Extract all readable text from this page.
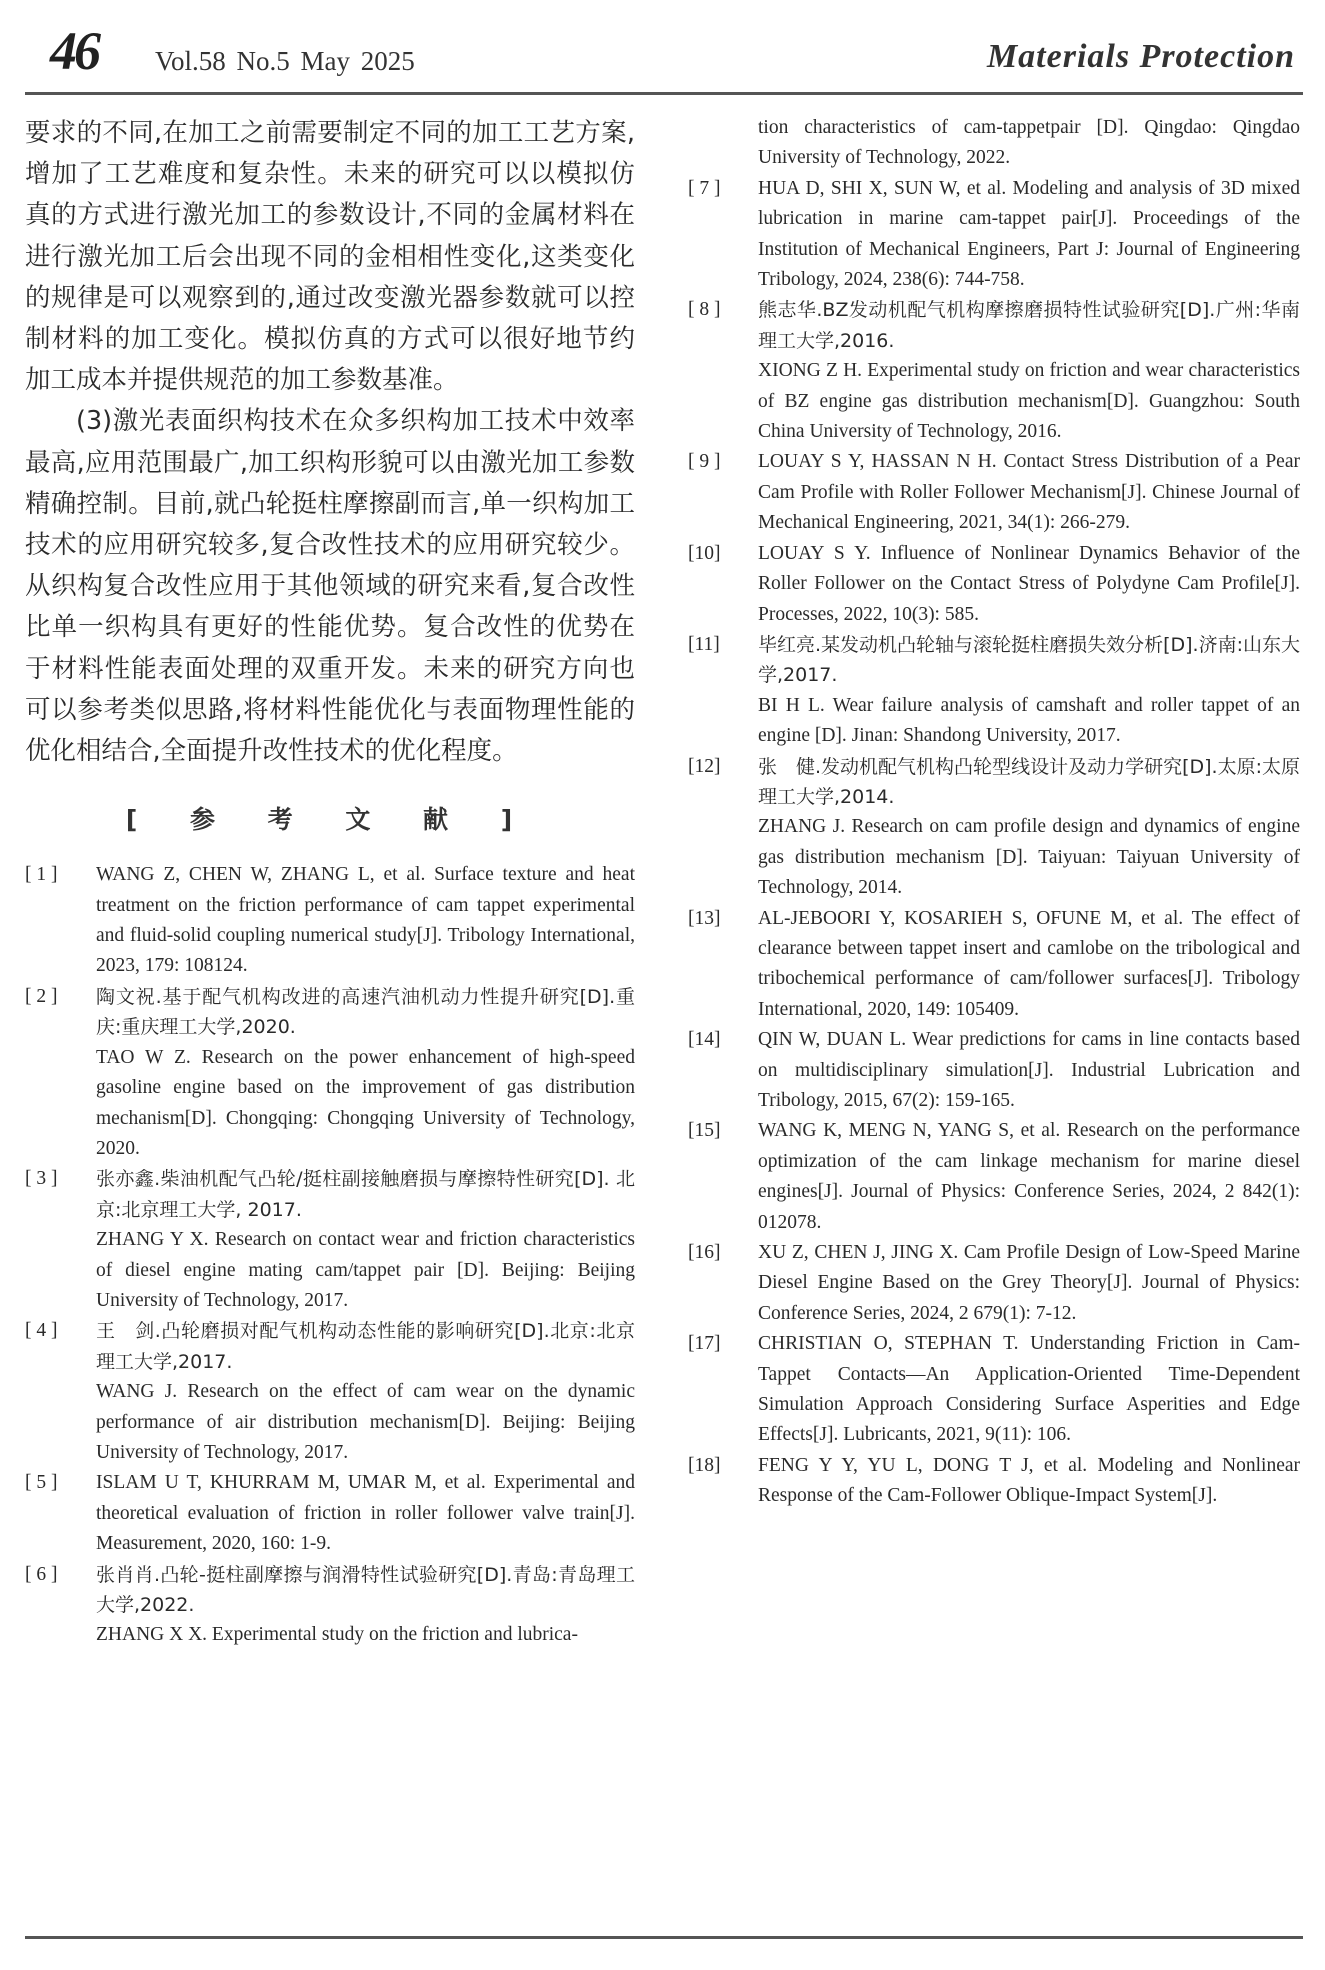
46 Vol.58 No.5 May 2025	Materials Protection

要求的不同,在加工之前需要制定不同的加工工艺方案,增加了工艺难度和复杂性。未来的研究可以以模拟仿真的方式进行激光加工的参数设计,不同的金属材料在进行激光加工后会出现不同的金相相性变化,这类变化的规律是可以观察到的,通过改变激光器参数就可以控制材料的加工变化。模拟仿真的方式可以很好地节约加工成本并提供规范的加工参数基准。

(3)激光表面织构技术在众多织构加工技术中效率最高,应用范围最广,加工织构形貌可以由激光加工参数精确控制。目前,就凸轮挺柱摩擦副而言,单一织构加工技术的应用研究较多,复合改性技术的应用研究较少。从织构复合改性应用于其他领域的研究来看,复合改性比单一织构具有更好的性能优势。复合改性的优势在于材料性能表面处理的双重开发。未来的研究方向也可以参考类似思路,将材料性能优化与表面物理性能的优化相结合,全面提升改性技术的优化程度。

[ 参 考 文 献 ]
[ 1 ]	WANG Z, CHEN W, ZHANG L, et al. Surface texture and heat treatment on the friction performance of cam tappet experimental and fluid-solid coupling numerical study[J]. Tribology International, 2023, 179: 108124.

[ 2 ]	陶文祝.基于配气机构改进的高速汽油机动力性提升研究[D].重庆:重庆理工大学,2020.

TAO W Z. Research on the power enhancement of high-speed gasoline engine based on the improvement of gas distribution mechanism[D]. Chongqing: Chongqing University of Technology, 2020.

[ 3 ]	张亦鑫.柴油机配气凸轮/挺柱副接触磨损与摩擦特性研究[D]. 北京:北京理工大学, 2017.

ZHANG Y X. Research on contact wear and friction characteristics of diesel engine mating cam/tappet pair [D]. Beijing: Beijing University of Technology, 2017.

[ 4 ]	王　剑.凸轮磨损对配气机构动态性能的影响研究[D].北京:北京理工大学,2017.

WANG J. Research on the effect of cam wear on the dynamic performance of air distribution mechanism[D]. Beijing: Beijing University of Technology, 2017.

[ 5 ]	ISLAM U T, KHURRAM M, UMAR M, et al. Experimental and theoretical evaluation of friction in roller follower valve train[J]. Measurement, 2020, 160: 1-9.

[ 6 ]	张肖肖.凸轮-挺柱副摩擦与润滑特性试验研究[D].青岛:青岛理工大学,2022.

ZHANG X X. Experimental study on the friction and lubrica-

tion characteristics of cam-tappetpair [D]. Qingdao: Qingdao University of Technology, 2022.

[ 7 ]	HUA D, SHI X, SUN W, et al. Modeling and analysis of 3D mixed lubrication in marine cam-tappet pair[J]. Proceedings of the Institution of Mechanical Engineers, Part J: Journal of Engineering Tribology, 2024, 238(6): 744-758.

[ 8 ]	熊志华.BZ发动机配气机构摩擦磨损特性试验研究[D].广州:华南理工大学,2016.

XIONG Z H. Experimental study on friction and wear characteristics of BZ engine gas distribution mechanism[D]. Guangzhou: South China University of Technology, 2016.

[ 9 ]	LOUAY S Y, HASSAN N H. Contact Stress Distribution of a Pear Cam Profile with Roller Follower Mechanism[J]. Chinese Journal of Mechanical Engineering, 2021, 34(1): 266-279.

[10]	LOUAY S Y. Influence of Nonlinear Dynamics Behavior of the Roller Follower on the Contact Stress of Polydyne Cam Profile[J]. Processes, 2022, 10(3): 585.

[11]	毕红亮.某发动机凸轮轴与滚轮挺柱磨损失效分析[D].济南:山东大学,2017.

BI H L. Wear failure analysis of camshaft and roller tappet of an engine [D]. Jinan: Shandong University, 2017.

[12]	张　健.发动机配气机构凸轮型线设计及动力学研究[D].太原:太原理工大学,2014.

ZHANG J. Research on cam profile design and dynamics of engine gas distribution mechanism [D]. Taiyuan: Taiyuan University of Technology, 2014.

[13]	AL-JEBOORI Y, KOSARIEH S, OFUNE M, et al. The effect of clearance between tappet insert and camlobe on the tribological and tribochemical performance of cam/follower surfaces[J]. Tribology International, 2020, 149: 105409.

[14]	QIN W, DUAN L. Wear predictions for cams in line contacts based on multidisciplinary simulation[J]. Industrial Lubrication and Tribology, 2015, 67(2): 159-165.

[15]	WANG K, MENG N, YANG S, et al. Research on the performance optimization of the cam linkage mechanism for marine diesel engines[J]. Journal of Physics: Conference Series, 2024, 2 842(1): 012078.

[16]	XU Z, CHEN J, JING X. Cam Profile Design of Low-Speed Marine Diesel Engine Based on the Grey Theory[J]. Journal of Physics: Conference Series, 2024, 2 679(1): 7-12.

[17]	CHRISTIAN O, STEPHAN T. Understanding Friction in Cam-Tappet Contacts—An Application-Oriented Time-Dependent Simulation Approach Considering Surface Asperities and Edge Effects[J]. Lubricants, 2021, 9(11): 106.

[18]	FENG Y Y, YU L, DONG T J, et al. Modeling and Nonlinear Response of the Cam-Follower Oblique-Impact System[J].
